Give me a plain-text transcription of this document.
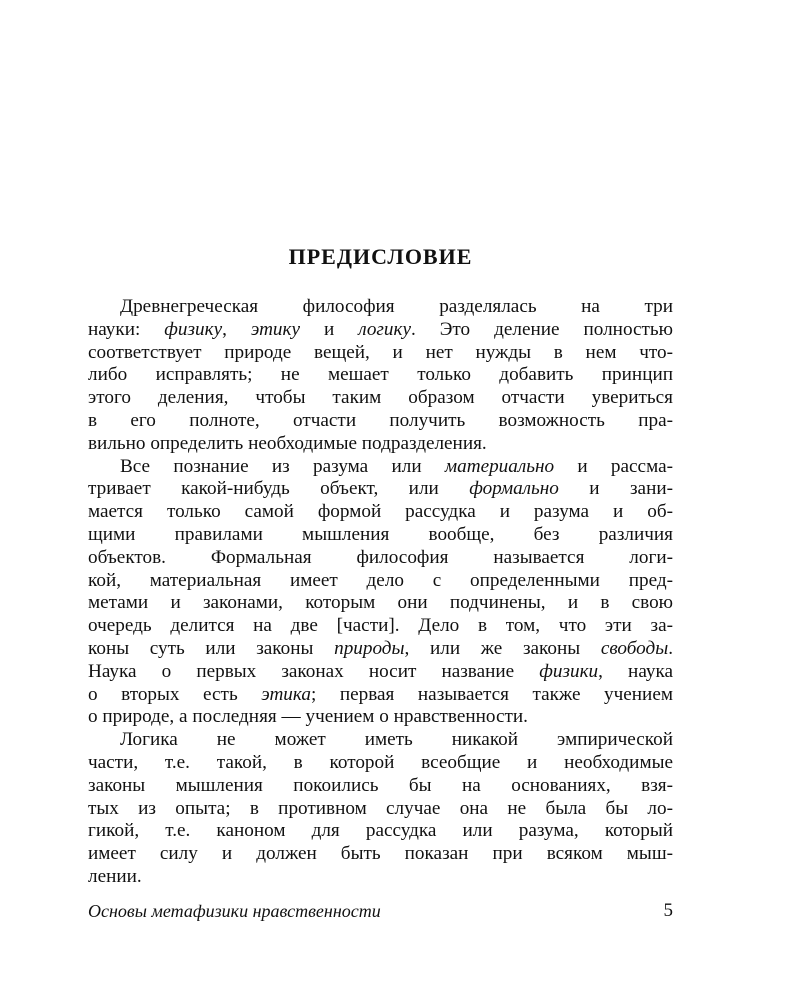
ПРЕДИСЛОВИЕ
Древнегреческая философия разделялась на три
науки: физику, этику и логику. Это деление полностью
соответствует природе вещей, и нет нужды в нем что-
либо исправлять; не мешает только добавить принцип
этого деления, чтобы таким образом отчасти увериться
в его полноте, отчасти получить возможность пра-
вильно определить необходимые подразделения.
Все познание из разума или материально и рассма-
тривает какой-нибудь объект, или формально и зани-
мается только самой формой рассудка и разума и об-
щими правилами мышления вообще, без различия
объектов. Формальная философия называется логи-
кой, материальная имеет дело с определенными пред-
метами и законами, которым они подчинены, и в свою
очередь делится на две [части]. Дело в том, что эти за-
коны суть или законы природы, или же законы свободы.
Наука о первых законах носит название физики, наука
о вторых есть этика; первая называется также учением
о природе, а последняя — учением о нравственности.
Логика не может иметь никакой эмпирической
части, т.е. такой, в которой всеобщие и необходимые
законы мышления покоились бы на основаниях, взя-
тых из опыта; в противном случае она не была бы ло-
гикой, т.е. каноном для рассудка или разума, который
имеет силу и должен быть показан при всяком мыш-
лении.
Основы метафизики нравственности	5
